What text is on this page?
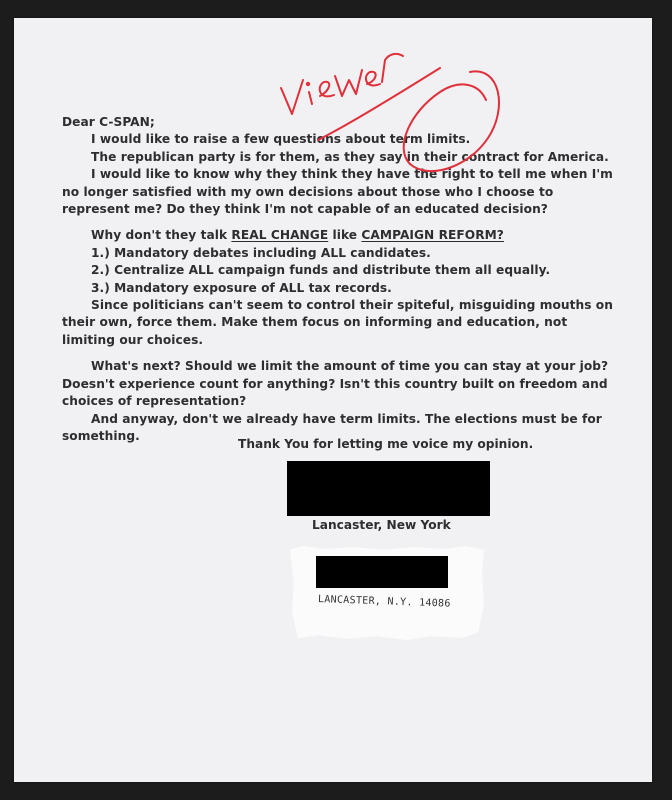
Dear C-SPAN;

I would like to raise a few questions about term limits.

The republican party is for them, as they say in their contract for America.

I would like to know why they think they have the right to tell me when I'm

no longer satisfied with my own decisions about those who I choose to

represent me? Do they think I'm not capable of an educated decision?

Why don't they talk REAL CHANGE like CAMPAIGN REFORM?

1.) Mandatory debates including ALL candidates.

2.) Centralize ALL campaign funds and distribute them all equally.

3.) Mandatory exposure of ALL tax records.

Since politicians can't seem to control their spiteful, misguiding mouths on

their own, force them. Make them focus on informing and education, not

limiting our choices.

What's next? Should we limit the amount of time you can stay at your job?

Doesn't experience count for anything? Isn't this country built on freedom and

choices of representation?

And anyway, don't we already have term limits. The elections must be for

something.

Thank You for letting me voice my opinion.
Lancaster, New York
LANCASTER, N.Y. 14086
